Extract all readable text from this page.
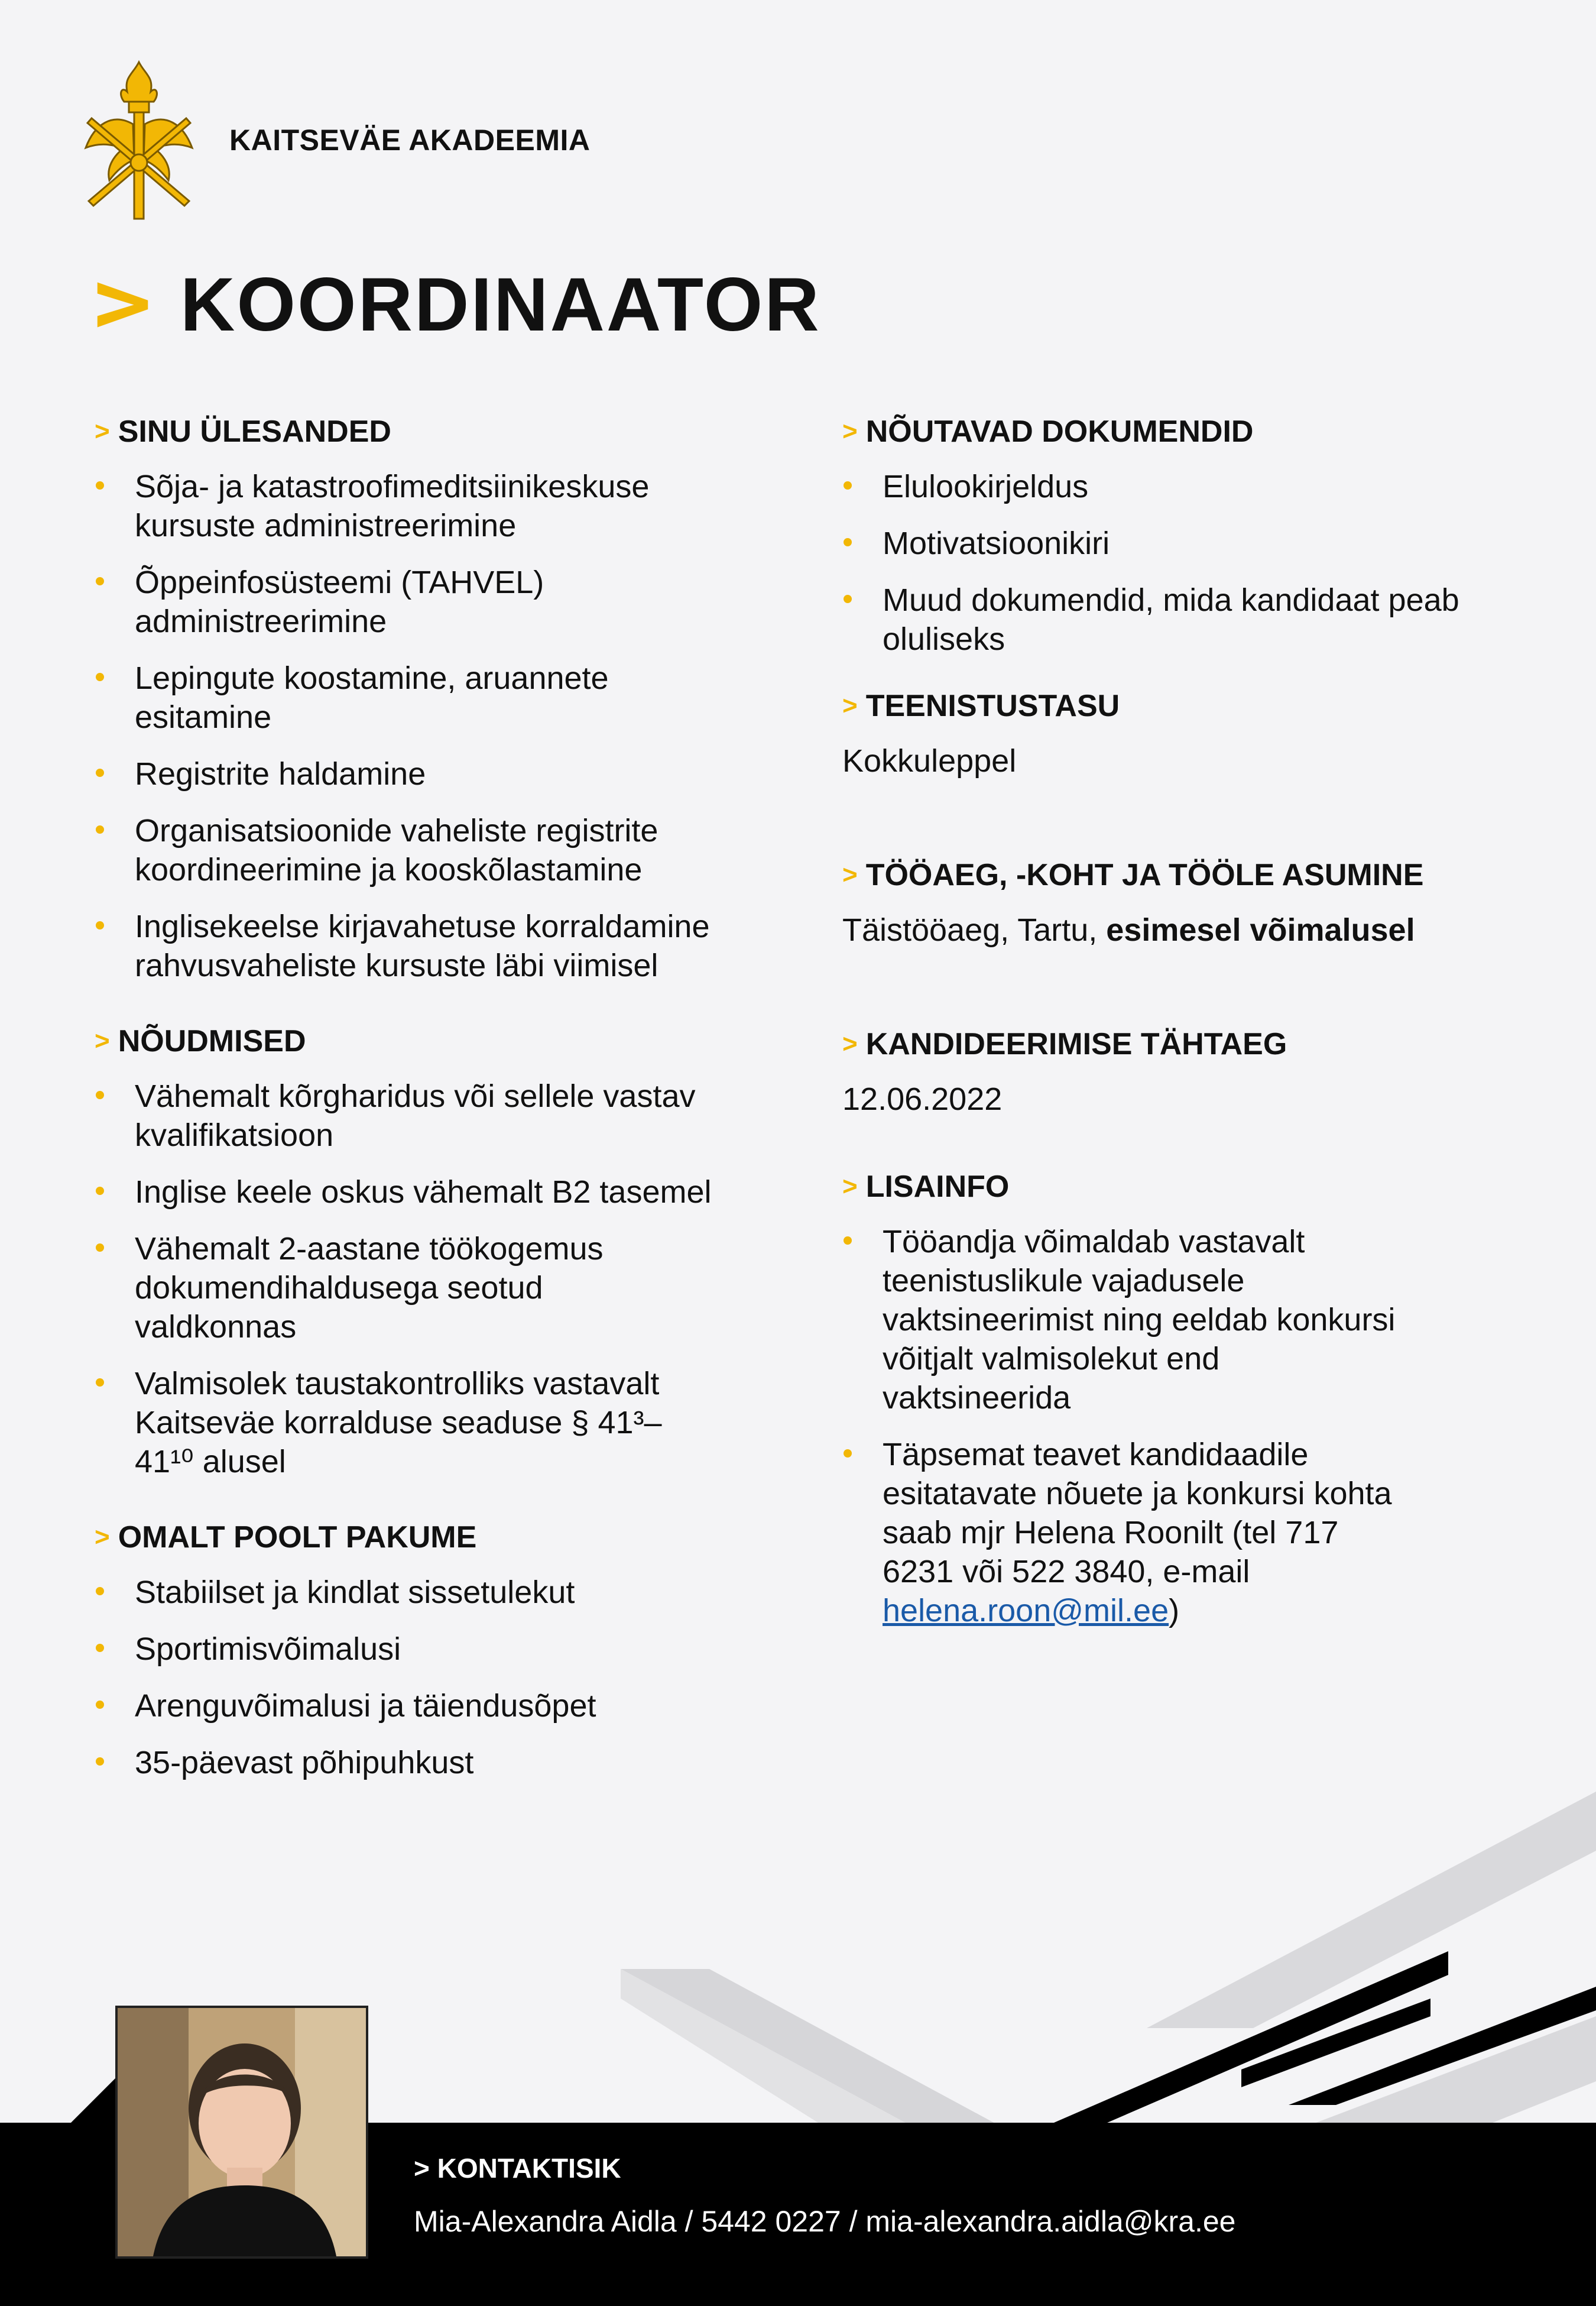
KAITSEVÄE AKADEEMIA
KOORDINAATOR
> SINU ÜLESANDED
Sõja- ja katastroofimeditsiinikeskuse
kursuste administreerimine
Õppeinfosüsteemi (TAHVEL)
administreerimine
Lepingute koostamine, aruannete
esitamine
Registrite haldamine
Organisatsioonide vaheliste registrite
koordineerimine ja kooskõlastamine
Inglisekeelse kirjavahetuse korraldamine
rahvusvaheliste kursuste läbi viimisel
> NÕUDMISED
Vähemalt kõrgharidus või sellele vastav
kvalifikatsioon
Inglise keele oskus vähemalt B2 tasemel
Vähemalt 2-aastane töökogemus
dokumendihaldusega seotud
valdkonnas
Valmisolek taustakontrolliks vastavalt
Kaitseväe korralduse seaduse § 41³–
41¹⁰ alusel
> OMALT POOLT PAKUME
Stabiilset ja kindlat sissetulekut
Sportimisvõimalusi
Arenguvõimalusi ja täiendusõpet
35-päevast põhipuhkust
> NÕUTAVAD DOKUMENDID
Elulookirjeldus
Motivatsioonikiri
Muud dokumendid, mida kandidaat peab
oluliseks
> TEENISTUSTASU
Kokkuleppel
> TÖÖAEG, -KOHT JA TÖÖLE ASUMINE
Täistööaeg, Tartu, esimesel võimalusel
> KANDIDEERIMISE TÄHTAEG
12.06.2022
> LISAINFO
Tööandja võimaldab vastavalt
teenistuslikule vajadusele
vaktsineerimist ning eeldab konkursi
võitjalt valmisolekut end
vaktsineerida
Täpsemat teavet kandidaadile
esitatavate nõuete ja konkursi kohta
saab mjr Helena Roonilt (tel 717
6231 või 522 3840, e-mail
helena.roon@mil.ee)
> KONTAKTISIK
Mia-Alexandra Aidla / 5442 0227 / mia-alexandra.aidla@kra.ee
